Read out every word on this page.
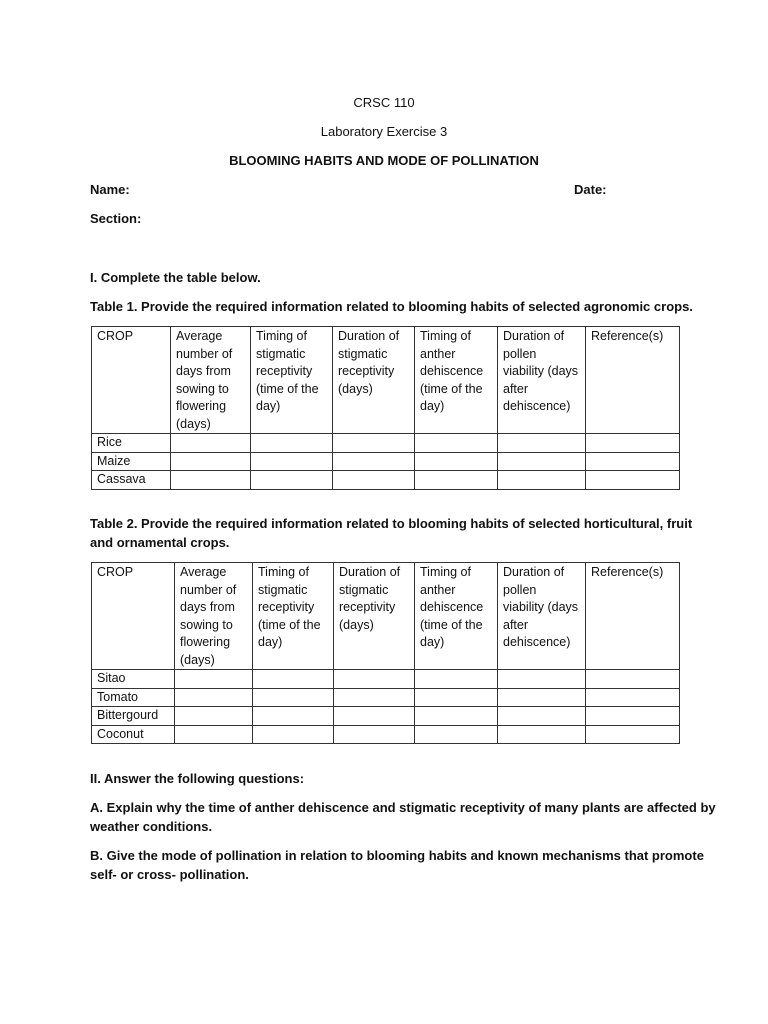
CRSC 110
Laboratory Exercise 3
BLOOMING HABITS AND MODE OF POLLINATION
Name:	Date:
Section:
I. Complete the table below.
Table 1. Provide the required information related to blooming habits of selected agronomic crops.
CROP	Average number of days from sowing to flowering (days)	Timing of stigmatic receptivity (time of the day)	Duration of stigmatic receptivity (days)	Timing of anther dehiscence (time of the day)	Duration of pollen viability (days after dehiscence)	Reference(s)
Rice						
Maize						
Cassava						
Table 2. Provide the required information related to blooming habits of selected horticultural, fruit
and ornamental crops.
CROP	Average number of days from sowing to flowering (days)	Timing of stigmatic receptivity (time of the day)	Duration of stigmatic receptivity (days)	Timing of anther dehiscence (time of the day)	Duration of pollen viability (days after dehiscence)	Reference(s)
Sitao						
Tomato						
Bittergourd						
Coconut						
II. Answer the following questions:
A. Explain why the time of anther dehiscence and stigmatic receptivity of many plants are affected by
weather conditions.
B. Give the mode of pollination in relation to blooming habits and known mechanisms that promote
self- or cross- pollination.
